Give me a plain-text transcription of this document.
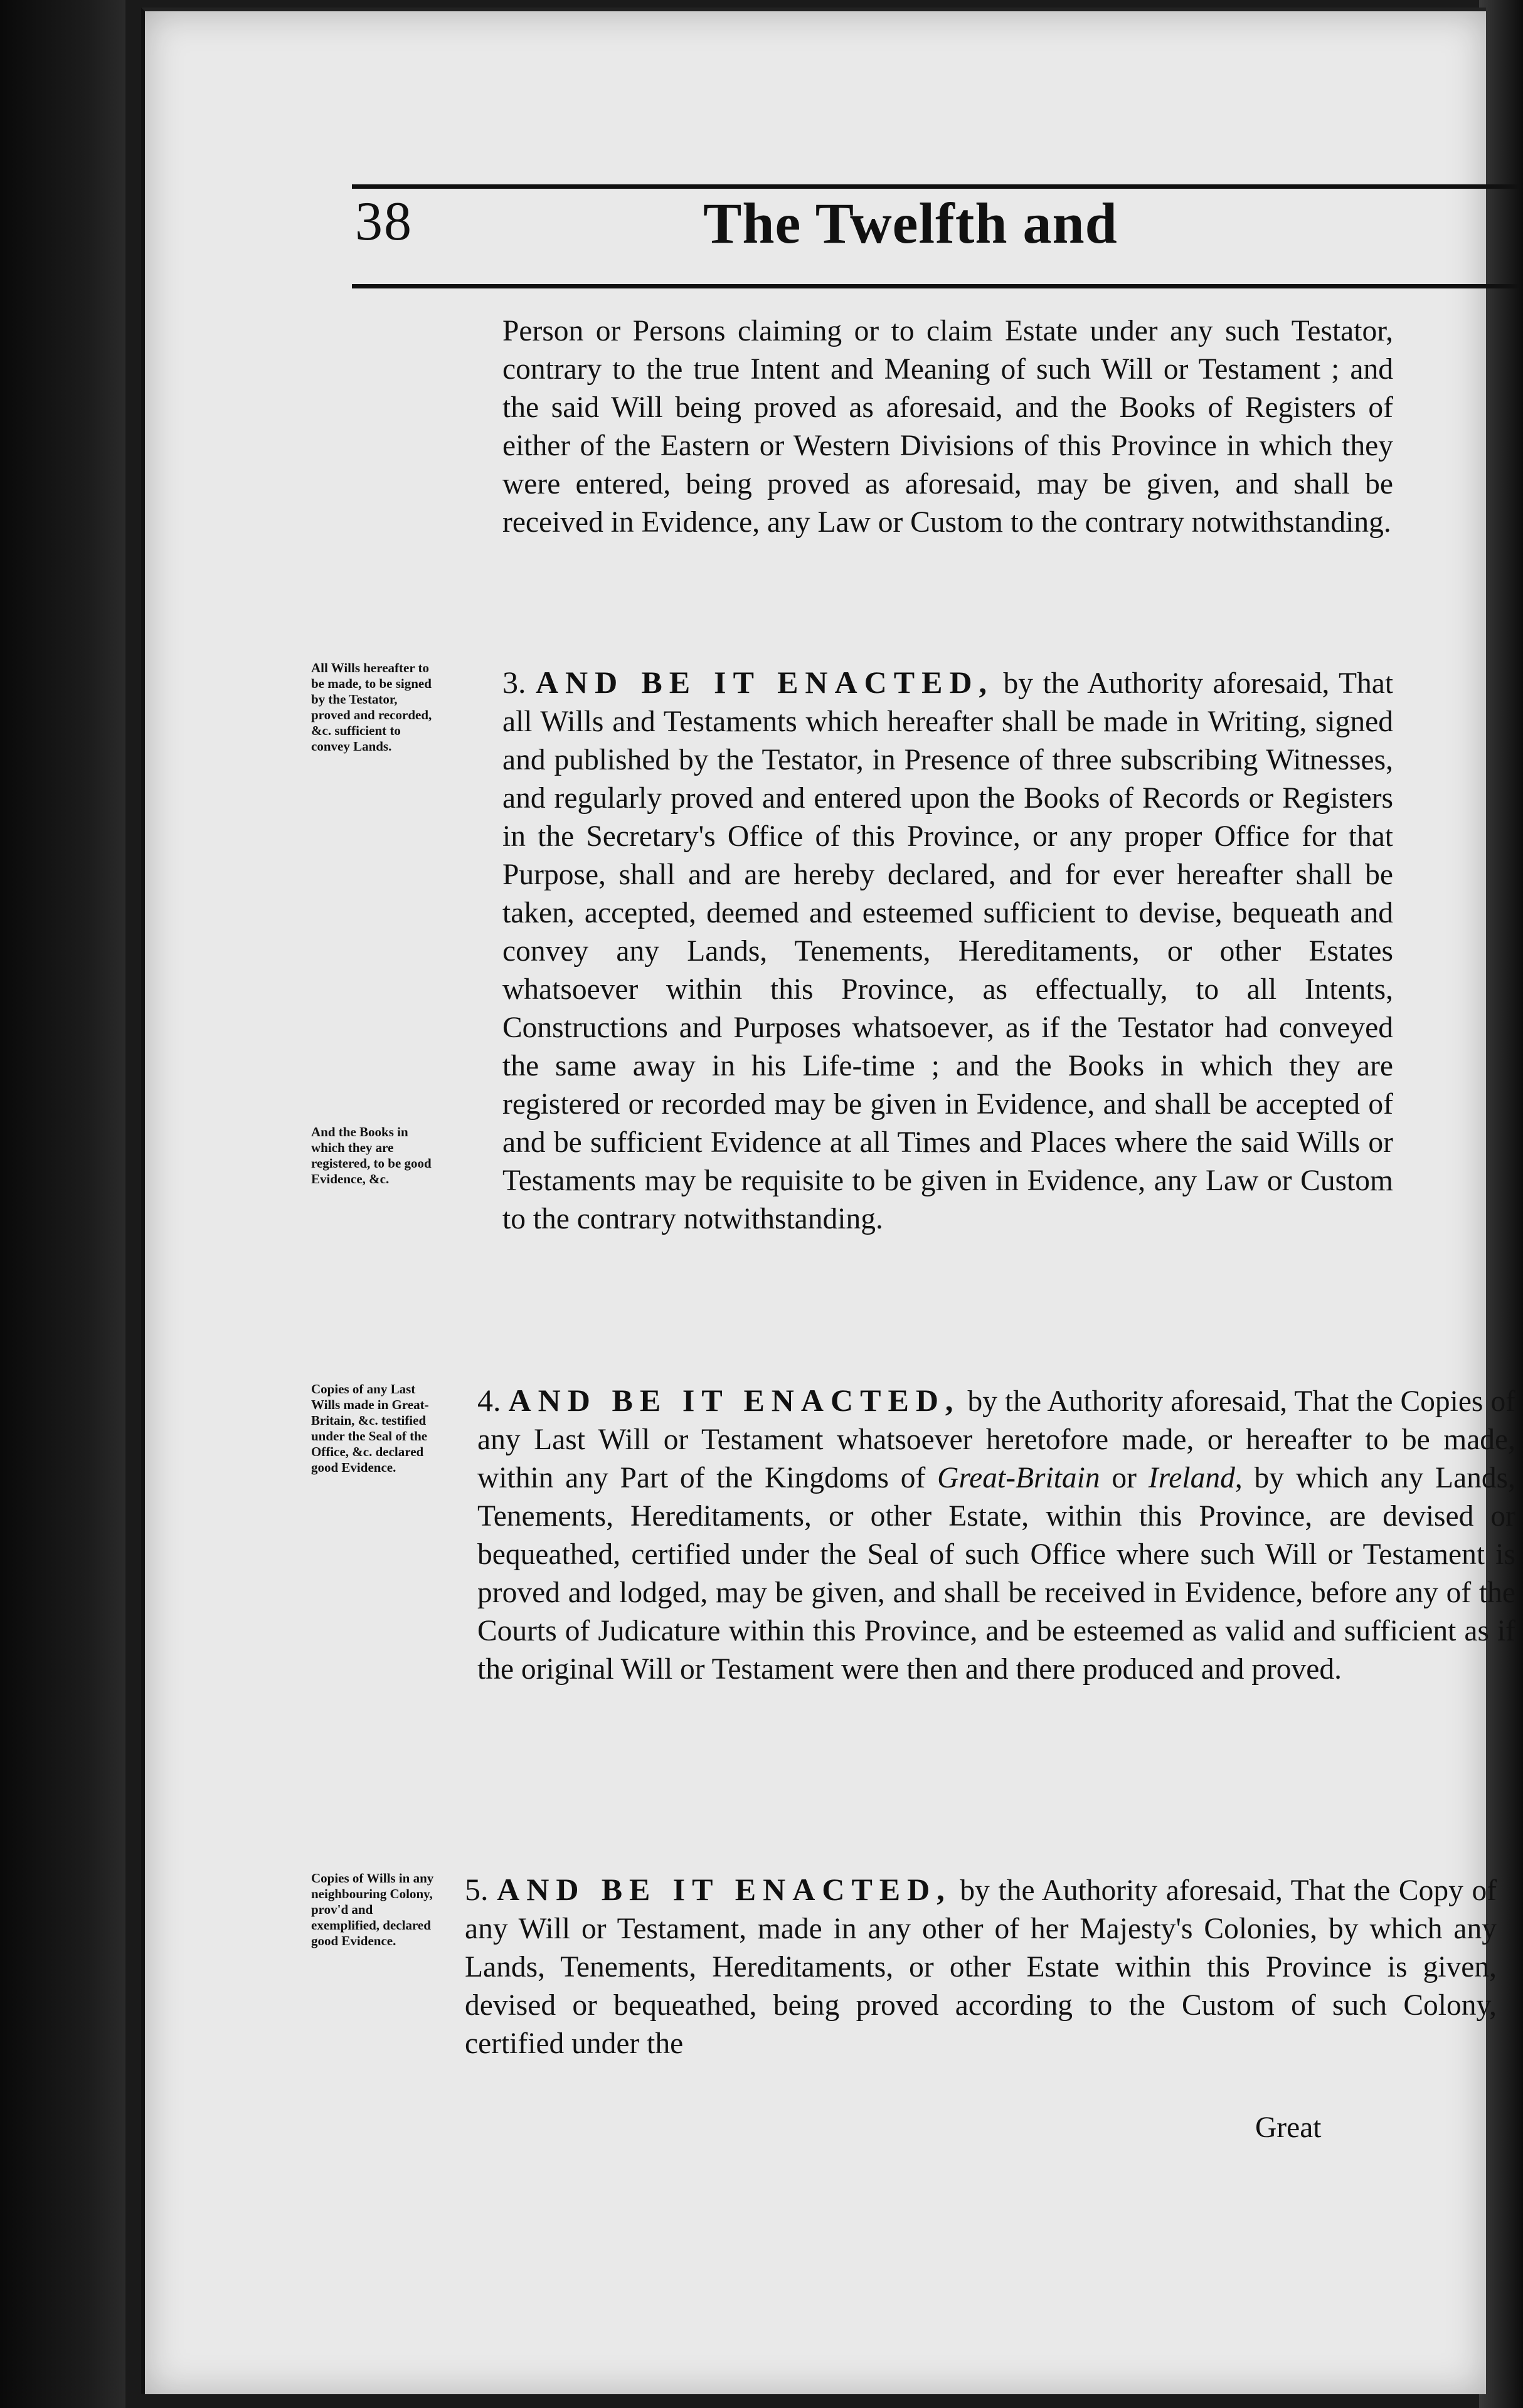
38	The Twelfth and

Person or Persons claiming or to claim Estate under any such Testator, contrary to the true Intent and Meaning of such Will or Testament ; and the said Will being proved as aforesaid, and the Books of Registers of either of the Eastern or Western Divisions of this Province in which they were entered, being proved as aforesaid, may be given, and shall be received in Evidence, any Law or Custom to the contrary notwithstanding.

All Wills hereafter to be made, to be signed by the Testator, proved and recorded, &c. sufficient to convey Lands.

3. AND BE IT ENACTED, by the Authority aforesaid, That all Wills and Testaments which hereafter shall be made in Writing, signed and published by the Testator, in Presence of three subscribing Witnesses, and regularly proved and entered upon the Books of Records or Registers in the Secretary's Office of this Province, or any proper Office for that Purpose, shall and are hereby declared, and for ever hereafter shall be taken, accepted, deemed and esteemed sufficient to devise, bequeath and convey any Lands, Tenements, Hereditaments, or other Estates whatsoever within this Province, as effectually, to all Intents, Constructions and Purposes whatsoever, as if the Testator had conveyed the same away in his Life-time ; and the Books in which they are registered or recorded may be given in Evidence, and shall be accepted of and be sufficient Evidence at all Times and Places where the said Wills or Testaments may be requisite to be given in Evidence, any Law or Custom to the contrary notwithstanding.

And the Books in which they are registered, to be good Evidence, &c.

Copies of any Last Wills made in Great-Britain, &c. testified under the Seal of the Office, &c. declared good Evidence.

4. AND BE IT ENACTED, by the Authority aforesaid, That the Copies of any Last Will or Testament whatsoever heretofore made, or hereafter to be made, within any Part of the Kingdoms of Great-Britain or Ireland, by which any Lands, Tenements, Hereditaments, or other Estate, within this Province, are devised or bequeathed, certified under the Seal of such Office where such Will or Testament is proved and lodged, may be given, and shall be received in Evidence, before any of the Courts of Judicature within this Province, and be esteemed as valid and sufficient as if the original Will or Testament were then and there produced and proved.

Copies of Wills in any neighbouring Colony, prov'd and exemplified, declared good Evidence.

5. AND BE IT ENACTED, by the Authority aforesaid, That the Copy of any Will or Testament, made in any other of her Majesty's Colonies, by which any Lands, Tenements, Hereditaments, or other Estate within this Province is given, devised or bequeathed, being proved according to the Custom of such Colony, certified under the

Great
